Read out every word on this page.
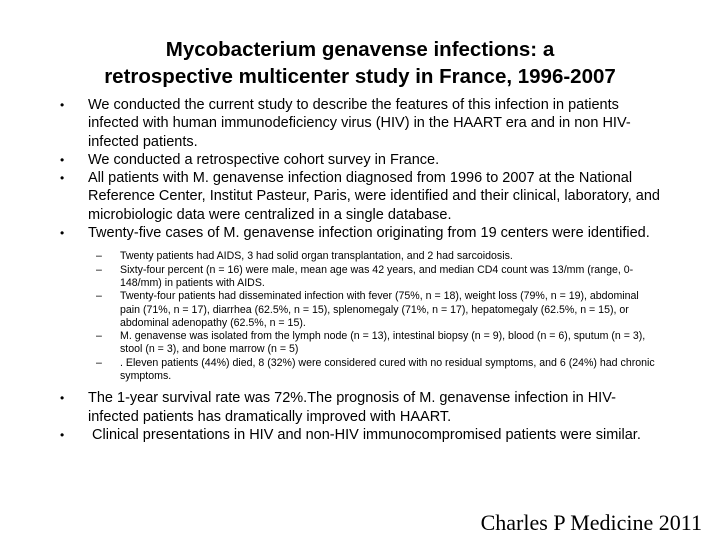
Mycobacterium genavense infections: a
retrospective multicenter study in France, 1996-2007
• We conducted the current study to describe the features of this infection in patients infected with human immunodeficiency virus (HIV) in the HAART era and in non HIV-infected patients.
• We conducted a retrospective cohort survey in France.
• All patients with M. genavense infection diagnosed from 1996 to 2007 at the National Reference Center, Institut Pasteur, Paris, were identified and their clinical, laboratory, and microbiologic data were centralized in a single database.
• Twenty-five cases of M. genavense infection originating from 19 centers were identified.
– Twenty patients had AIDS, 3 had solid organ transplantation, and 2 had sarcoidosis.
– Sixty-four percent (n = 16) were male, mean age was 42 years, and median CD4 count was 13/mm (range, 0-148/mm) in patients with AIDS.
– Twenty-four patients had disseminated infection with fever (75%, n = 18), weight loss (79%, n = 19), abdominal pain (71%, n = 17), diarrhea (62.5%, n = 15), splenomegaly (71%, n = 17), hepatomegaly (62.5%, n = 15), or abdominal adenopathy (62.5%, n = 15).
– M. genavense was isolated from the lymph node (n = 13), intestinal biopsy (n = 9), blood (n = 6), sputum (n = 3), stool (n = 3), and bone marrow (n = 5)
– . Eleven patients (44%) died, 8 (32%) were considered cured with no residual symptoms, and 6 (24%) had chronic symptoms.
• The 1-year survival rate was 72%.The prognosis of M. genavense infection in HIV-infected patients has dramatically improved with HAART.
• Clinical presentations in HIV and non-HIV immunocompromised patients were similar.
Charles P Medicine 2011
